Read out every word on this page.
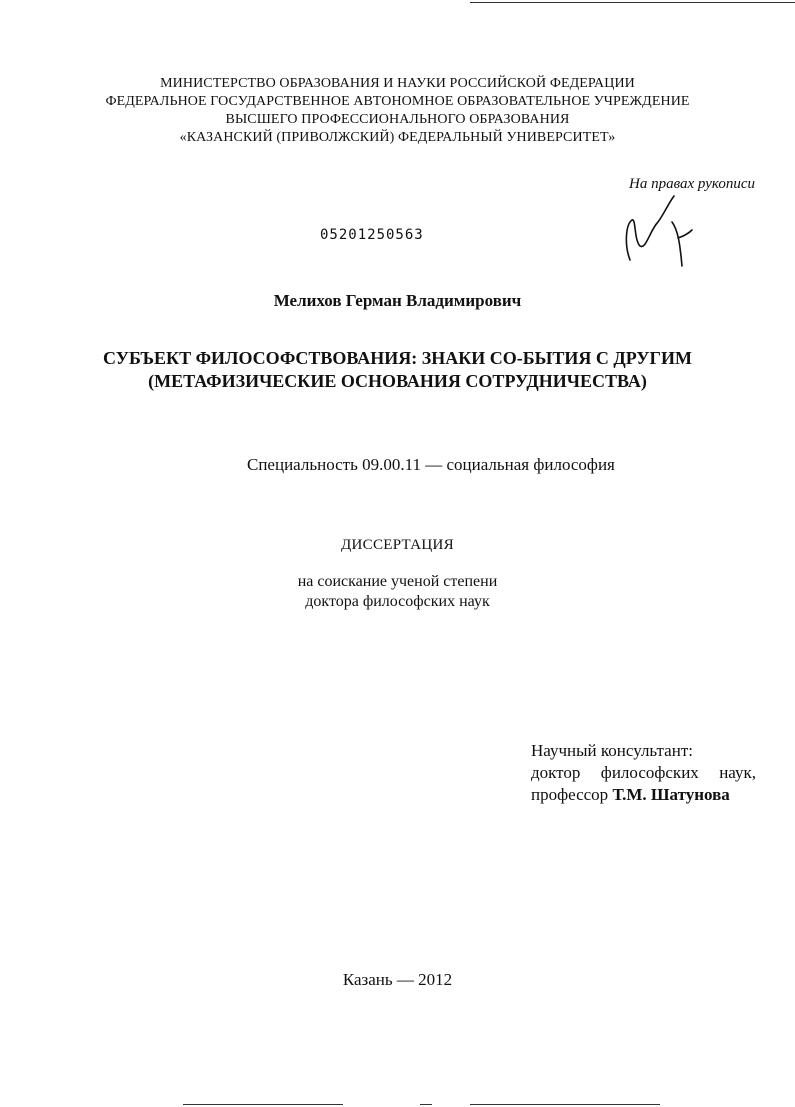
МИНИСТЕРСТВО ОБРАЗОВАНИЯ И НАУКИ РОССИЙСКОЙ ФЕДЕРАЦИИ
ФЕДЕРАЛЬНОЕ ГОСУДАРСТВЕННОЕ АВТОНОМНОЕ ОБРАЗОВАТЕЛЬНОЕ УЧРЕЖДЕНИЕ
ВЫСШЕГО ПРОФЕССИОНАЛЬНОГО ОБРАЗОВАНИЯ
«КАЗАНСКИЙ (ПРИВОЛЖСКИЙ) ФЕДЕРАЛЬНЫЙ УНИВЕРСИТЕТ»
На правах рукописи
05201250563
Мелихов Герман Владимирович
СУБЪЕКТ ФИЛОСОФСТВОВАНИЯ: ЗНАКИ СО-БЫТИЯ С ДРУГИМ
(МЕТАФИЗИЧЕСКИЕ ОСНОВАНИЯ СОТРУДНИЧЕСТВА)
Специальность 09.00.11 — социальная философия
ДИССЕРТАЦИЯ
на соискание ученой степени
доктора философских наук
Научный консультант:
доктор философских наук,
профессор Т.М. Шатунова
Казань — 2012
